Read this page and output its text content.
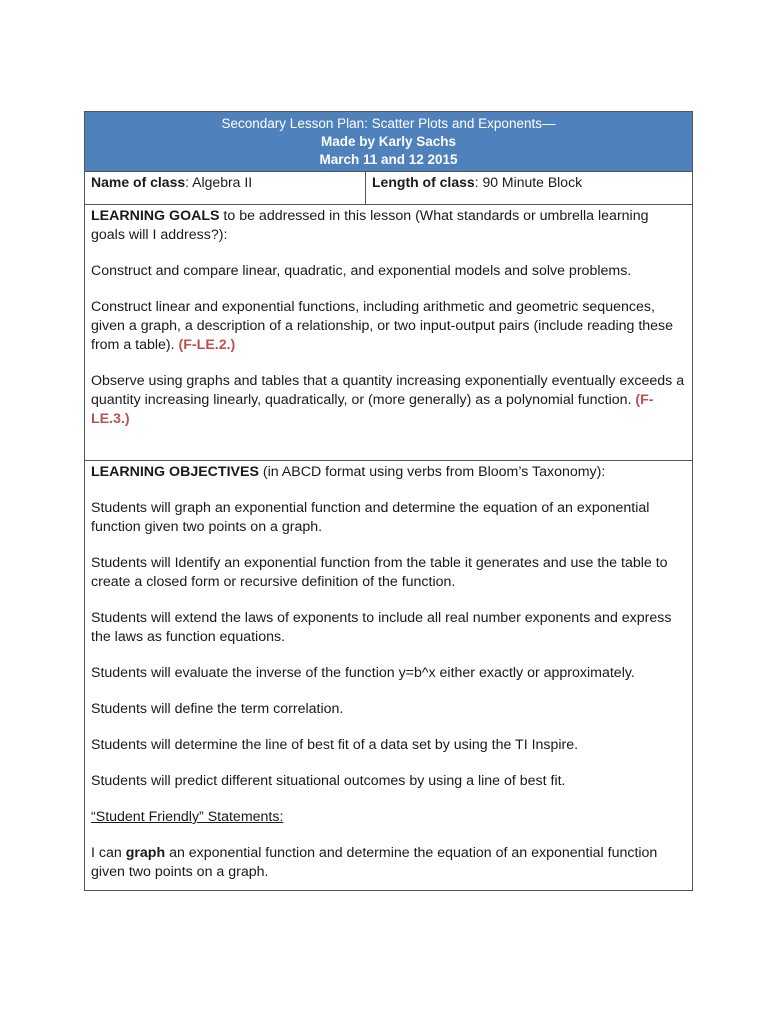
Secondary Lesson Plan: Scatter Plots and Exponents—
Made by Karly Sachs
March 11 and 12 2015
Name of class: Algebra II	Length of class: 90 Minute Block

LEARNING GOALS to be addressed in this lesson (What standards or umbrella learning goals will I address?):

Construct and compare linear, quadratic, and exponential models and solve problems.

Construct linear and exponential functions, including arithmetic and geometric sequences, given a graph, a description of a relationship, or two input-output pairs (include reading these from a table). (F-LE.2.)

Observe using graphs and tables that a quantity increasing exponentially eventually exceeds a quantity increasing linearly, quadratically, or (more generally) as a polynomial function. (F-LE.3.)

LEARNING OBJECTIVES (in ABCD format using verbs from Bloom’s Taxonomy):

Students will graph an exponential function and determine the equation of an exponential function given two points on a graph.

Students will Identify an exponential function from the table it generates and use the table to create a closed form or recursive definition of the function.

Students will extend the laws of exponents to include all real number exponents and express the laws as function equations.

Students will evaluate the inverse of the function y=b^x either exactly or approximately.

Students will define the term correlation.

Students will determine the line of best fit of a data set by using the TI Inspire.

Students will predict different situational outcomes by using a line of best fit.

“Student Friendly” Statements:

I can graph an exponential function and determine the equation of an exponential function given two points on a graph.
